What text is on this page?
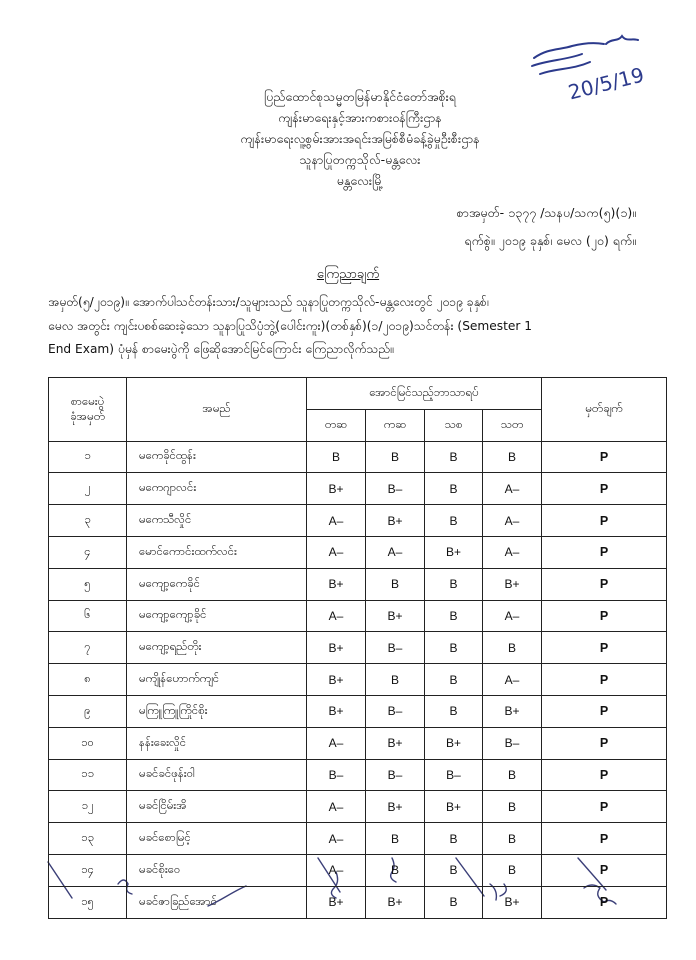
20/5/19
ပြည်ထောင်စုသမ္မတမြန်မာနိုင်ငံတော်အစိုးရ
ကျန်းမာရေးနှင့်အားကစားဝန်ကြီးဌာန
ကျန်းမာရေးလူ့စွမ်းအားအရင်းအမြစ်စီမံခန့်ခွဲမှုဦးစီးဌာန
သူနာပြုတက္ကသိုလ်-မန္တလေး
မန္တလေးမြို့
စာအမှတ်- ၁၃၇၇ /သနပ/သက(၅)(၁)။
ရက်စွဲ။ ၂၀၁၉ ခုနှစ်၊ မေလ (၂၀) ရက်။
ကြေညာချက်
အမှတ်(၅/၂၀၁၉)။ အောက်ပါသင်တန်းသား/သူများသည် သူနာပြုတက္ကသိုလ်-မန္တလေးတွင် ၂၀၁၉ ခုနှစ်၊
မေလ အတွင်း ကျင်းပစစ်ဆေးခဲ့သော သူနာပြုသိပ္ပံဘွဲ့(ပေါင်းကူး)(တစ်နှစ်)(၁/၂၀၁၉)သင်တန်း (Semester 1
End Exam) ပုံမှန် စာမေးပွဲကို ဖြေဆိုအောင်မြင်ကြောင်း ကြေညာလိုက်သည်။
စာမေးပွဲ
ခုံအမှတ်	အမည်	အောင်မြင်သည့်ဘာသာရပ်				မှတ်ချက်
		တဆ	ကဆ	သစ	သတ	
၁	မကေခိုင်ထွန်း	B	B	B	B	P
၂	မကေဂျာလင်း	B+	B–	B	A–	P
၃	မကေသီလှိုင်	A–	B+	B	A–	P
၄	မောင်ကောင်းထက်လင်း	A–	A–	B+	A–	P
၅	မကျော့ကေခိုင်	B+	B	B	B+	P
၆	မကျော့ကျော့ခိုင်	A–	B+	B	A–	P
၇	မကျော့ရည်တိုး	B+	B–	B	B	P
၈	မကျိုန်ဟောက်ကျင်	B+	B	B	A–	P
၉	မကြူကြူကြိုင်စိုး	B+	B–	B	B+	P
၁၀	နန်းခေးလှိုင်	A–	B+	B+	B–	P
၁၁	မခင်ခင်ဖုန်းဝါ	B–	B–	B–	B	P
၁၂	မခင်ငြိမ်းအိ	A–	B+	B+	B	P
၁၃	မခင်စောမြင့်	A–	B	B	B	P
၁၄	မခင်စိုးဝေ	A–	B	B	B	P
၁၅	မခင်ဇာခြည်အောင်	B+	B+	B	B+	P
